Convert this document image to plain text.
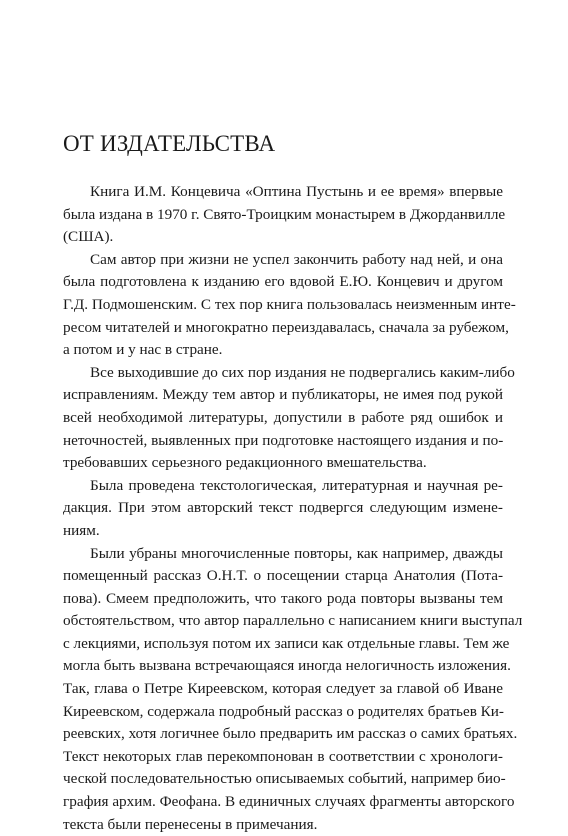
ОТ ИЗДАТЕЛЬСТВА
Книга И.М. Концевича «Оптина Пустынь и ее время» впервые
была издана в 1970 г. Свято-Троицким монастырем в Джорданвилле
(США).
Сам автор при жизни не успел закончить работу над ней, и она
была подготовлена к изданию его вдовой Е.Ю. Концевич и другом
Г.Д. Подмошенским. С тех пор книга пользовалась неизменным инте-
ресом читателей и многократно переиздавалась, сначала за рубежом,
а потом и у нас в стране.
Все выходившие до сих пор издания не подвергались каким-либо
исправлениям. Между тем автор и публикаторы, не имея под рукой
всей необходимой литературы, допустили в работе ряд ошибок и
неточностей, выявленных при подготовке настоящего издания и по-
требовавших серьезного редакционного вмешательства.
Была проведена текстологическая, литературная и научная ре-
дакция. При этом авторский текст подвергся следующим измене-
ниям.
Были убраны многочисленные повторы, как например, дважды
помещенный рассказ О.Н.Т. о посещении старца Анатолия (Пота-
пова). Смеем предположить, что такого рода повторы вызваны тем
обстоятельством, что автор параллельно с написанием книги выступал
с лекциями, используя потом их записи как отдельные главы. Тем же
могла быть вызвана встречающаяся иногда нелогичность изложения.
Так, глава о Петре Киреевском, которая следует за главой об Иване
Киреевском, содержала подробный рассказ о родителях братьев Ки-
реевских, хотя логичнее было предварить им рассказ о самих братьях.
Текст некоторых глав перекомпонован в соответствии с хронологи-
ческой последовательностью описываемых событий, например био-
графия архим. Феофана. В единичных случаях фрагменты авторского
текста были перенесены в примечания.
